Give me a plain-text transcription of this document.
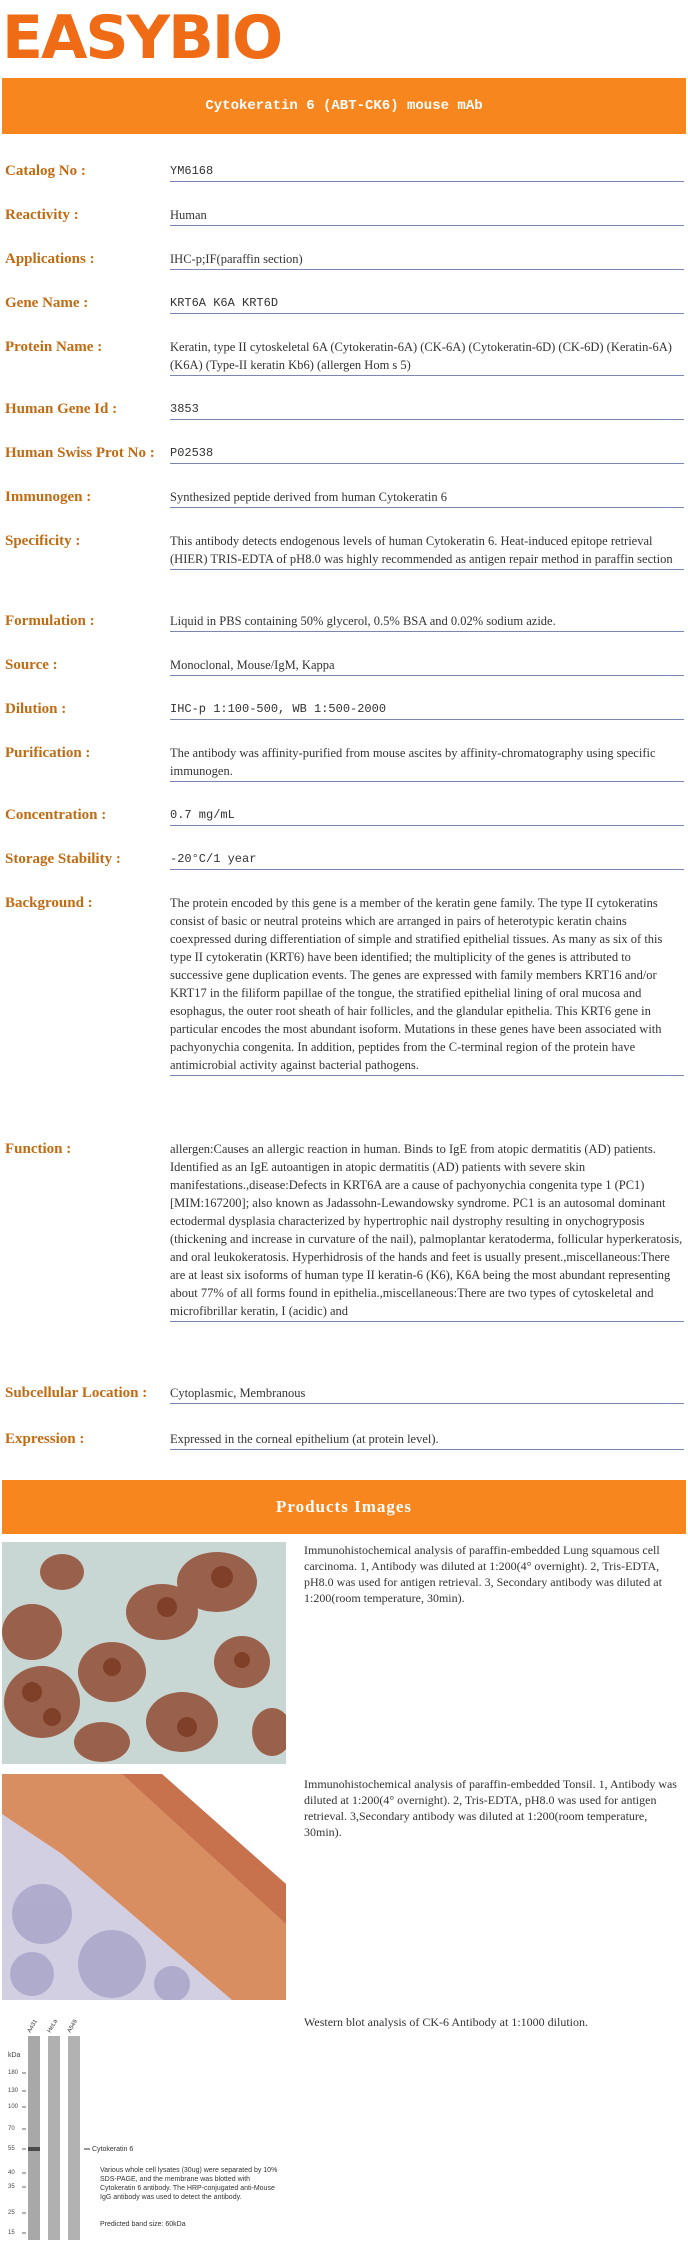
EASYBIO
Cytokeratin 6 (ABT-CK6) mouse mAb
Catalog No :	YM6168
Reactivity :	Human
Applications :	IHC-p;IF(paraffin section)
Gene Name :	KRT6A K6A KRT6D
Protein Name :	Keratin, type II cytoskeletal 6A (Cytokeratin-6A) (CK-6A) (Cytokeratin-6D) (CK-6D) (Keratin-6A) (K6A) (Type-II keratin Kb6) (allergen Hom s 5)
Human Gene Id :	3853
Human Swiss Prot No :	P02538
Immunogen :	Synthesized peptide derived from human Cytokeratin 6
Specificity :	This antibody detects endogenous levels of human Cytokeratin 6. Heat-induced epitope retrieval (HIER) TRIS-EDTA of pH8.0 was highly recommended as antigen repair method in paraffin section
Formulation :	Liquid in PBS containing 50% glycerol, 0.5% BSA and 0.02% sodium azide.
Source :	Monoclonal, Mouse/IgM, Kappa
Dilution :	IHC-p 1:100-500, WB 1:500-2000
Purification :	The antibody was affinity-purified from mouse ascites by affinity-chromatography using specific immunogen.
Concentration :	0.7 mg/mL
Storage Stability :	-20°C/1 year
Background :	The protein encoded by this gene is a member of the keratin gene family. The type II cytokeratins consist of basic or neutral proteins which are arranged in pairs of heterotypic keratin chains coexpressed during differentiation of simple and stratified epithelial tissues. As many as six of this type II cytokeratin (KRT6) have been identified; the multiplicity of the genes is attributed to successive gene duplication events. The genes are expressed with family members KRT16 and/or KRT17 in the filiform papillae of the tongue, the stratified epithelial lining of oral mucosa and esophagus, the outer root sheath of hair follicles, and the glandular epithelia. This KRT6 gene in particular encodes the most abundant isoform. Mutations in these genes have been associated with pachyonychia congenita. In addition, peptides from the C-terminal region of the protein have antimicrobial activity against bacterial pathogens.
Function :	allergen:Causes an allergic reaction in human. Binds to IgE from atopic dermatitis (AD) patients. Identified as an IgE autoantigen in atopic dermatitis (AD) patients with severe skin manifestations.,disease:Defects in KRT6A are a cause of pachyonychia congenita type 1 (PC1) [MIM:167200]; also known as Jadassohn-Lewandowsky syndrome. PC1 is an autosomal dominant ectodermal dysplasia characterized by hypertrophic nail dystrophy resulting in onychogryposis (thickening and increase in curvature of the nail), palmoplantar keratoderma, follicular hyperkeratosis, and oral leukokeratosis. Hyperhidrosis of the hands and feet is usually present.,miscellaneous:There are at least six isoforms of human type II keratin-6 (K6), K6A being the most abundant representing about 77% of all forms found in epithelia.,miscellaneous:There are two types of cytoskeletal and microfibrillar keratin, I (acidic) and
Subcellular Location :	Cytoplasmic, Membranous
Expression :	Expressed in the corneal epithelium (at protein level).
Products Images
Immunohistochemical analysis of paraffin-embedded Lung squamous cell carcinoma. 1, Antibody was diluted at 1:200(4° overnight). 2, Tris-EDTA, pH8.0 was used for antigen retrieval. 3, Secondary antibody was diluted at 1:200(room temperature, 30min).
Immunohistochemical analysis of paraffin-embedded Tonsil. 1, Antibody was diluted at 1:200(4° overnight). 2, Tris-EDTA, pH8.0 was used for antigen retrieval. 3,Secondary antibody was diluted at 1:200(room temperature, 30min).
kDa
180
130
100
70
55
40
35
25
15
A431 HeLa A549
Cytokeratin 6
Various whole cell lysates (30ug) were separated by 10% SDS-PAGE, and the membrane was blotted with Cytokeratin 6 antibody. The HRP-conjugated anti-Mouse IgG antibody was used to detect the antibody.
Predicted band size: 60kDa
Western blot analysis of CK-6 Antibody at 1:1000 dilution.
